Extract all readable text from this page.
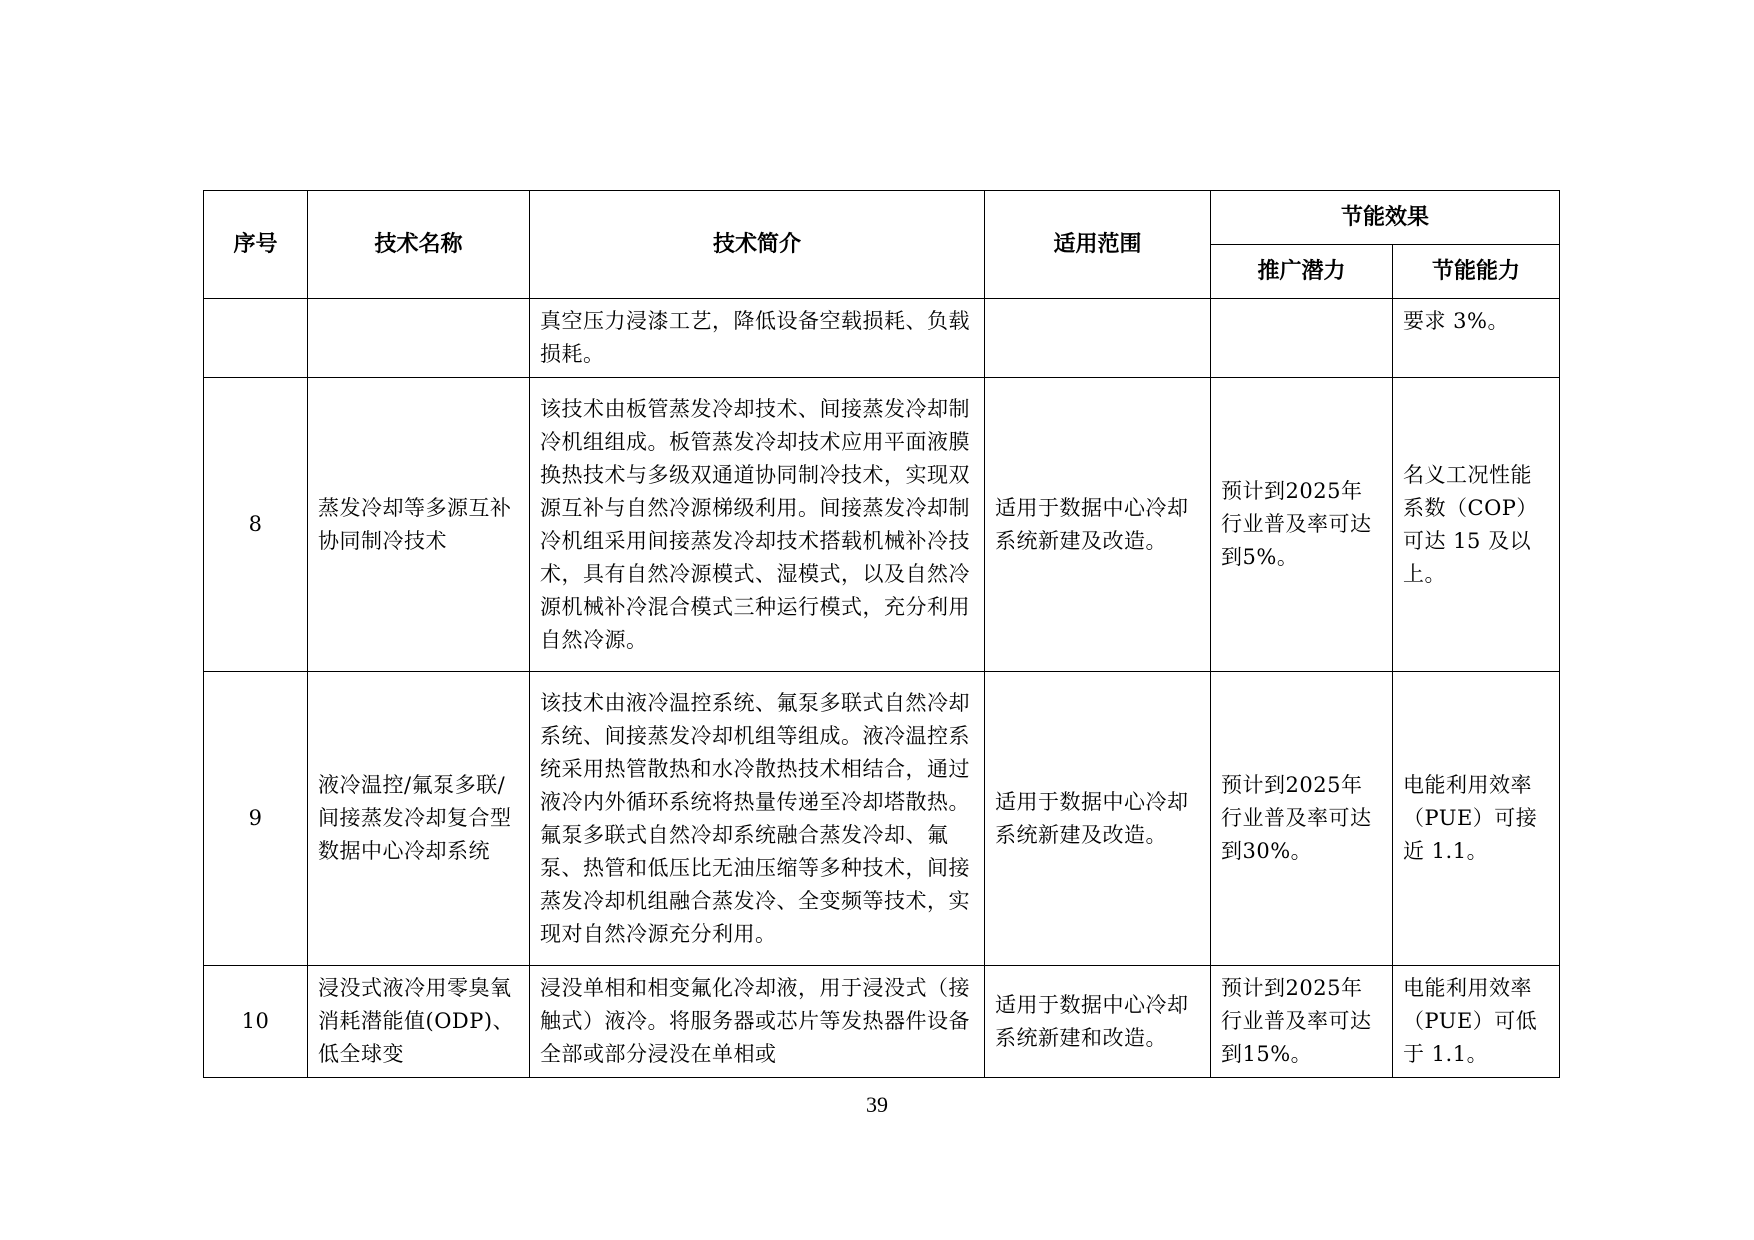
序号	技术名称	技术简介	适用范围	节能效果	
				推广潜力	节能能力
		真空压力浸漆工艺，降低设备空载损耗、负载损耗。			要求 3%。
8	蒸发冷却等多源互补协同制冷技术	该技术由板管蒸发冷却技术、间接蒸发冷却制冷机组组成。板管蒸发冷却技术应用平面液膜换热技术与多级双通道协同制冷技术，实现双源互补与自然冷源梯级利用。间接蒸发冷却制冷机组采用间接蒸发冷却技术搭载机械补冷技术，具有自然冷源模式、湿模式，以及自然冷源机械补冷混合模式三种运行模式，充分利用自然冷源。	适用于数据中心冷却系统新建及改造。	预计到2025年行业普及率可达到5%。	名义工况性能系数（COP）可达 15 及以上。
9	液冷温控/氟泵多联/间接蒸发冷却复合型数据中心冷却系统	该技术由液冷温控系统、氟泵多联式自然冷却系统、间接蒸发冷却机组等组成。液冷温控系统采用热管散热和水冷散热技术相结合，通过液冷内外循环系统将热量传递至冷却塔散热。氟泵多联式自然冷却系统融合蒸发冷却、氟泵、热管和低压比无油压缩等多种技术，间接蒸发冷却机组融合蒸发冷、全变频等技术，实现对自然冷源充分利用。	适用于数据中心冷却系统新建及改造。	预计到2025年行业普及率可达到30%。	电能利用效率（PUE）可接近 1.1。
10	浸没式液冷用零臭氧消耗潜能值(ODP)、低全球变	浸没单相和相变氟化冷却液，用于浸没式（接触式）液冷。将服务器或芯片等发热器件设备全部或部分浸没在单相或	适用于数据中心冷却系统新建和改造。	预计到2025年行业普及率可达到15%。	电能利用效率（PUE）可低于 1.1。
39
